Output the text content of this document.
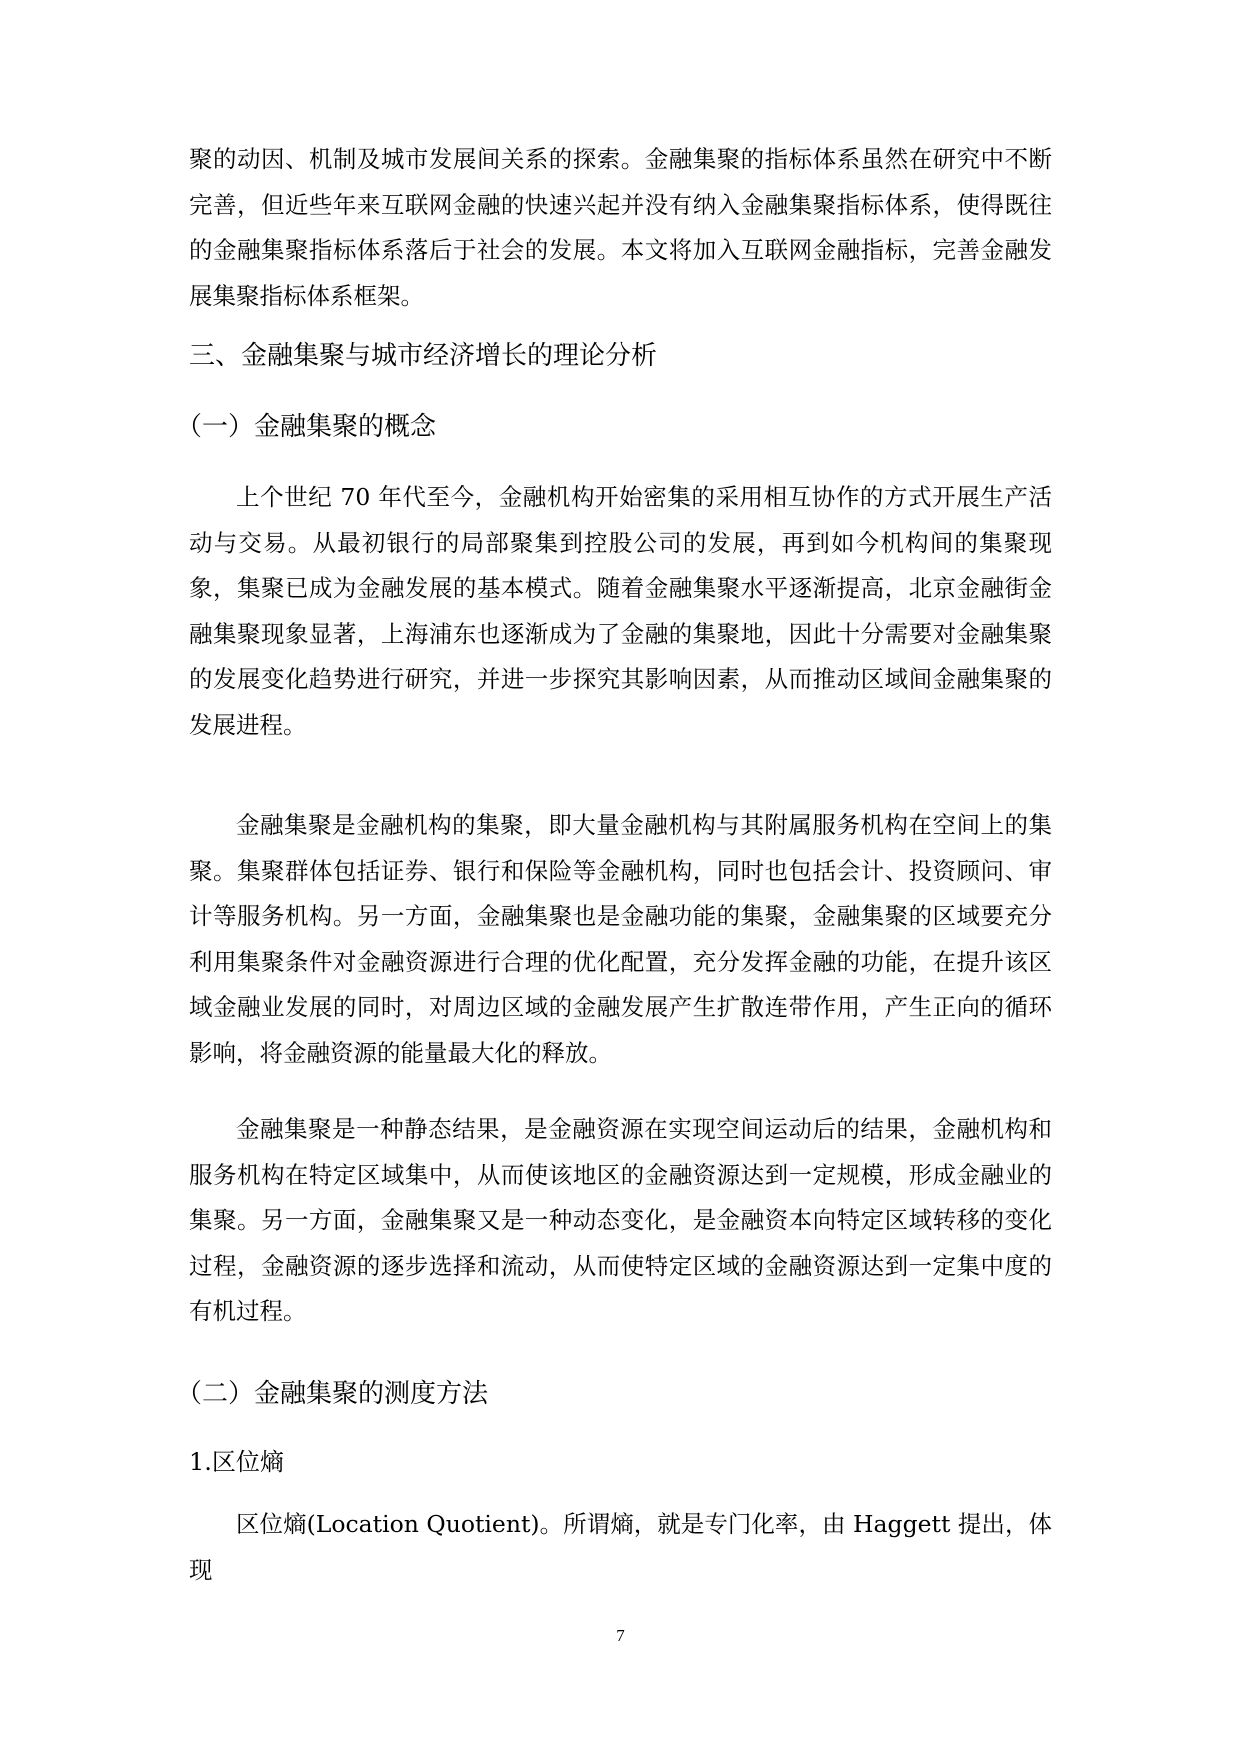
聚的动因、机制及城市发展间关系的探索。金融集聚的指标体系虽然在研究中不断完善，但近些年来互联网金融的快速兴起并没有纳入金融集聚指标体系，使得既往的金融集聚指标体系落后于社会的发展。本文将加入互联网金融指标，完善金融发展集聚指标体系框架。

三、金融集聚与城市经济增长的理论分析
（一）金融集聚的概念

上个世纪 70 年代至今，金融机构开始密集的采用相互协作的方式开展生产活动与交易。从最初银行的局部聚集到控股公司的发展，再到如今机构间的集聚现象，集聚已成为金融发展的基本模式。随着金融集聚水平逐渐提高，北京金融街金融集聚现象显著，上海浦东也逐渐成为了金融的集聚地，因此十分需要对金融集聚的发展变化趋势进行研究，并进一步探究其影响因素，从而推动区域间金融集聚的发展进程。

金融集聚是金融机构的集聚，即大量金融机构与其附属服务机构在空间上的集聚。集聚群体包括证券、银行和保险等金融机构，同时也包括会计、投资顾问、审计等服务机构。另一方面，金融集聚也是金融功能的集聚，金融集聚的区域要充分利用集聚条件对金融资源进行合理的优化配置，充分发挥金融的功能，在提升该区域金融业发展的同时，对周边区域的金融发展产生扩散连带作用，产生正向的循环影响，将金融资源的能量最大化的释放。

金融集聚是一种静态结果，是金融资源在实现空间运动后的结果，金融机构和服务机构在特定区域集中，从而使该地区的金融资源达到一定规模，形成金融业的集聚。另一方面，金融集聚又是一种动态变化，是金融资本向特定区域转移的变化过程，金融资源的逐步选择和流动，从而使特定区域的金融资源达到一定集中度的有机过程。

（二）金融集聚的测度方法
1.区位熵

区位熵(Location Quotient)。所谓熵，就是专门化率，由 Haggett 提出，体现

7
